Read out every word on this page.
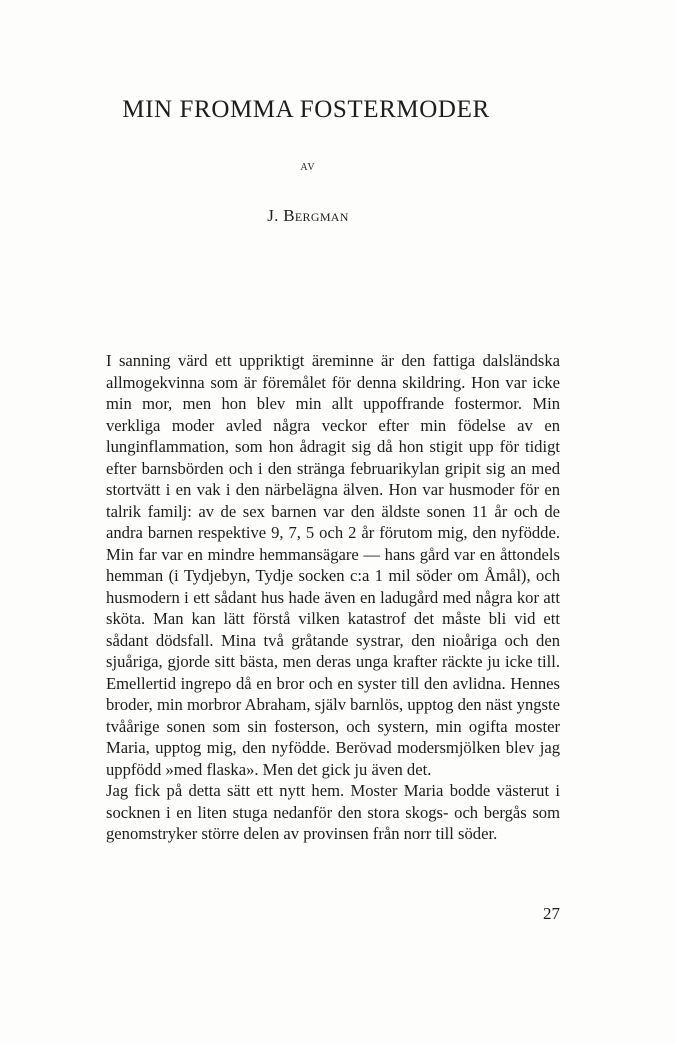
MIN FROMMA FOSTERMODER
AV
J. Bergman

I sanning värd ett uppriktigt äreminne är den fattiga dalsländska allmogekvinna som är föremålet för denna skildring. Hon var icke min mor, men hon blev min allt uppoffrande fostermor. Min verkliga moder avled några veckor efter min födelse av en lunginflammation, som hon ådragit sig då hon stigit upp för tidigt efter barnsbörden och i den stränga februarikylan gripit sig an med stortvätt i en vak i den närbelägna älven. Hon var husmoder för en talrik familj: av de sex barnen var den äldste sonen 11 år och de andra barnen respektive 9, 7, 5 och 2 år förutom mig, den nyfödde. Min far var en mindre hemmansägare — hans gård var en åttondels hemman (i Tydjebyn, Tydje socken c:a 1 mil söder om Åmål), och husmodern i ett sådant hus hade även en ladugård med några kor att sköta. Man kan lätt förstå vilken katastrof det måste bli vid ett sådant dödsfall. Mina två gråtande systrar, den nioåriga och den sjuåriga, gjorde sitt bästa, men deras unga krafter räckte ju icke till. Emellertid ingrepo då en bror och en syster till den avlidna. Hennes broder, min morbror Abraham, själv barnlös, upptog den näst yngste tvåårige sonen som sin fosterson, och systern, min ogifta moster Maria, upptog mig, den nyfödde. Berövad modersmjölken blev jag uppfödd »med flaska». Men det gick ju även det.

Jag fick på detta sätt ett nytt hem. Moster Maria bodde västerut i socknen i en liten stuga nedanför den stora skogs- och bergås som genomstryker större delen av provinsen från norr till söder.

27
